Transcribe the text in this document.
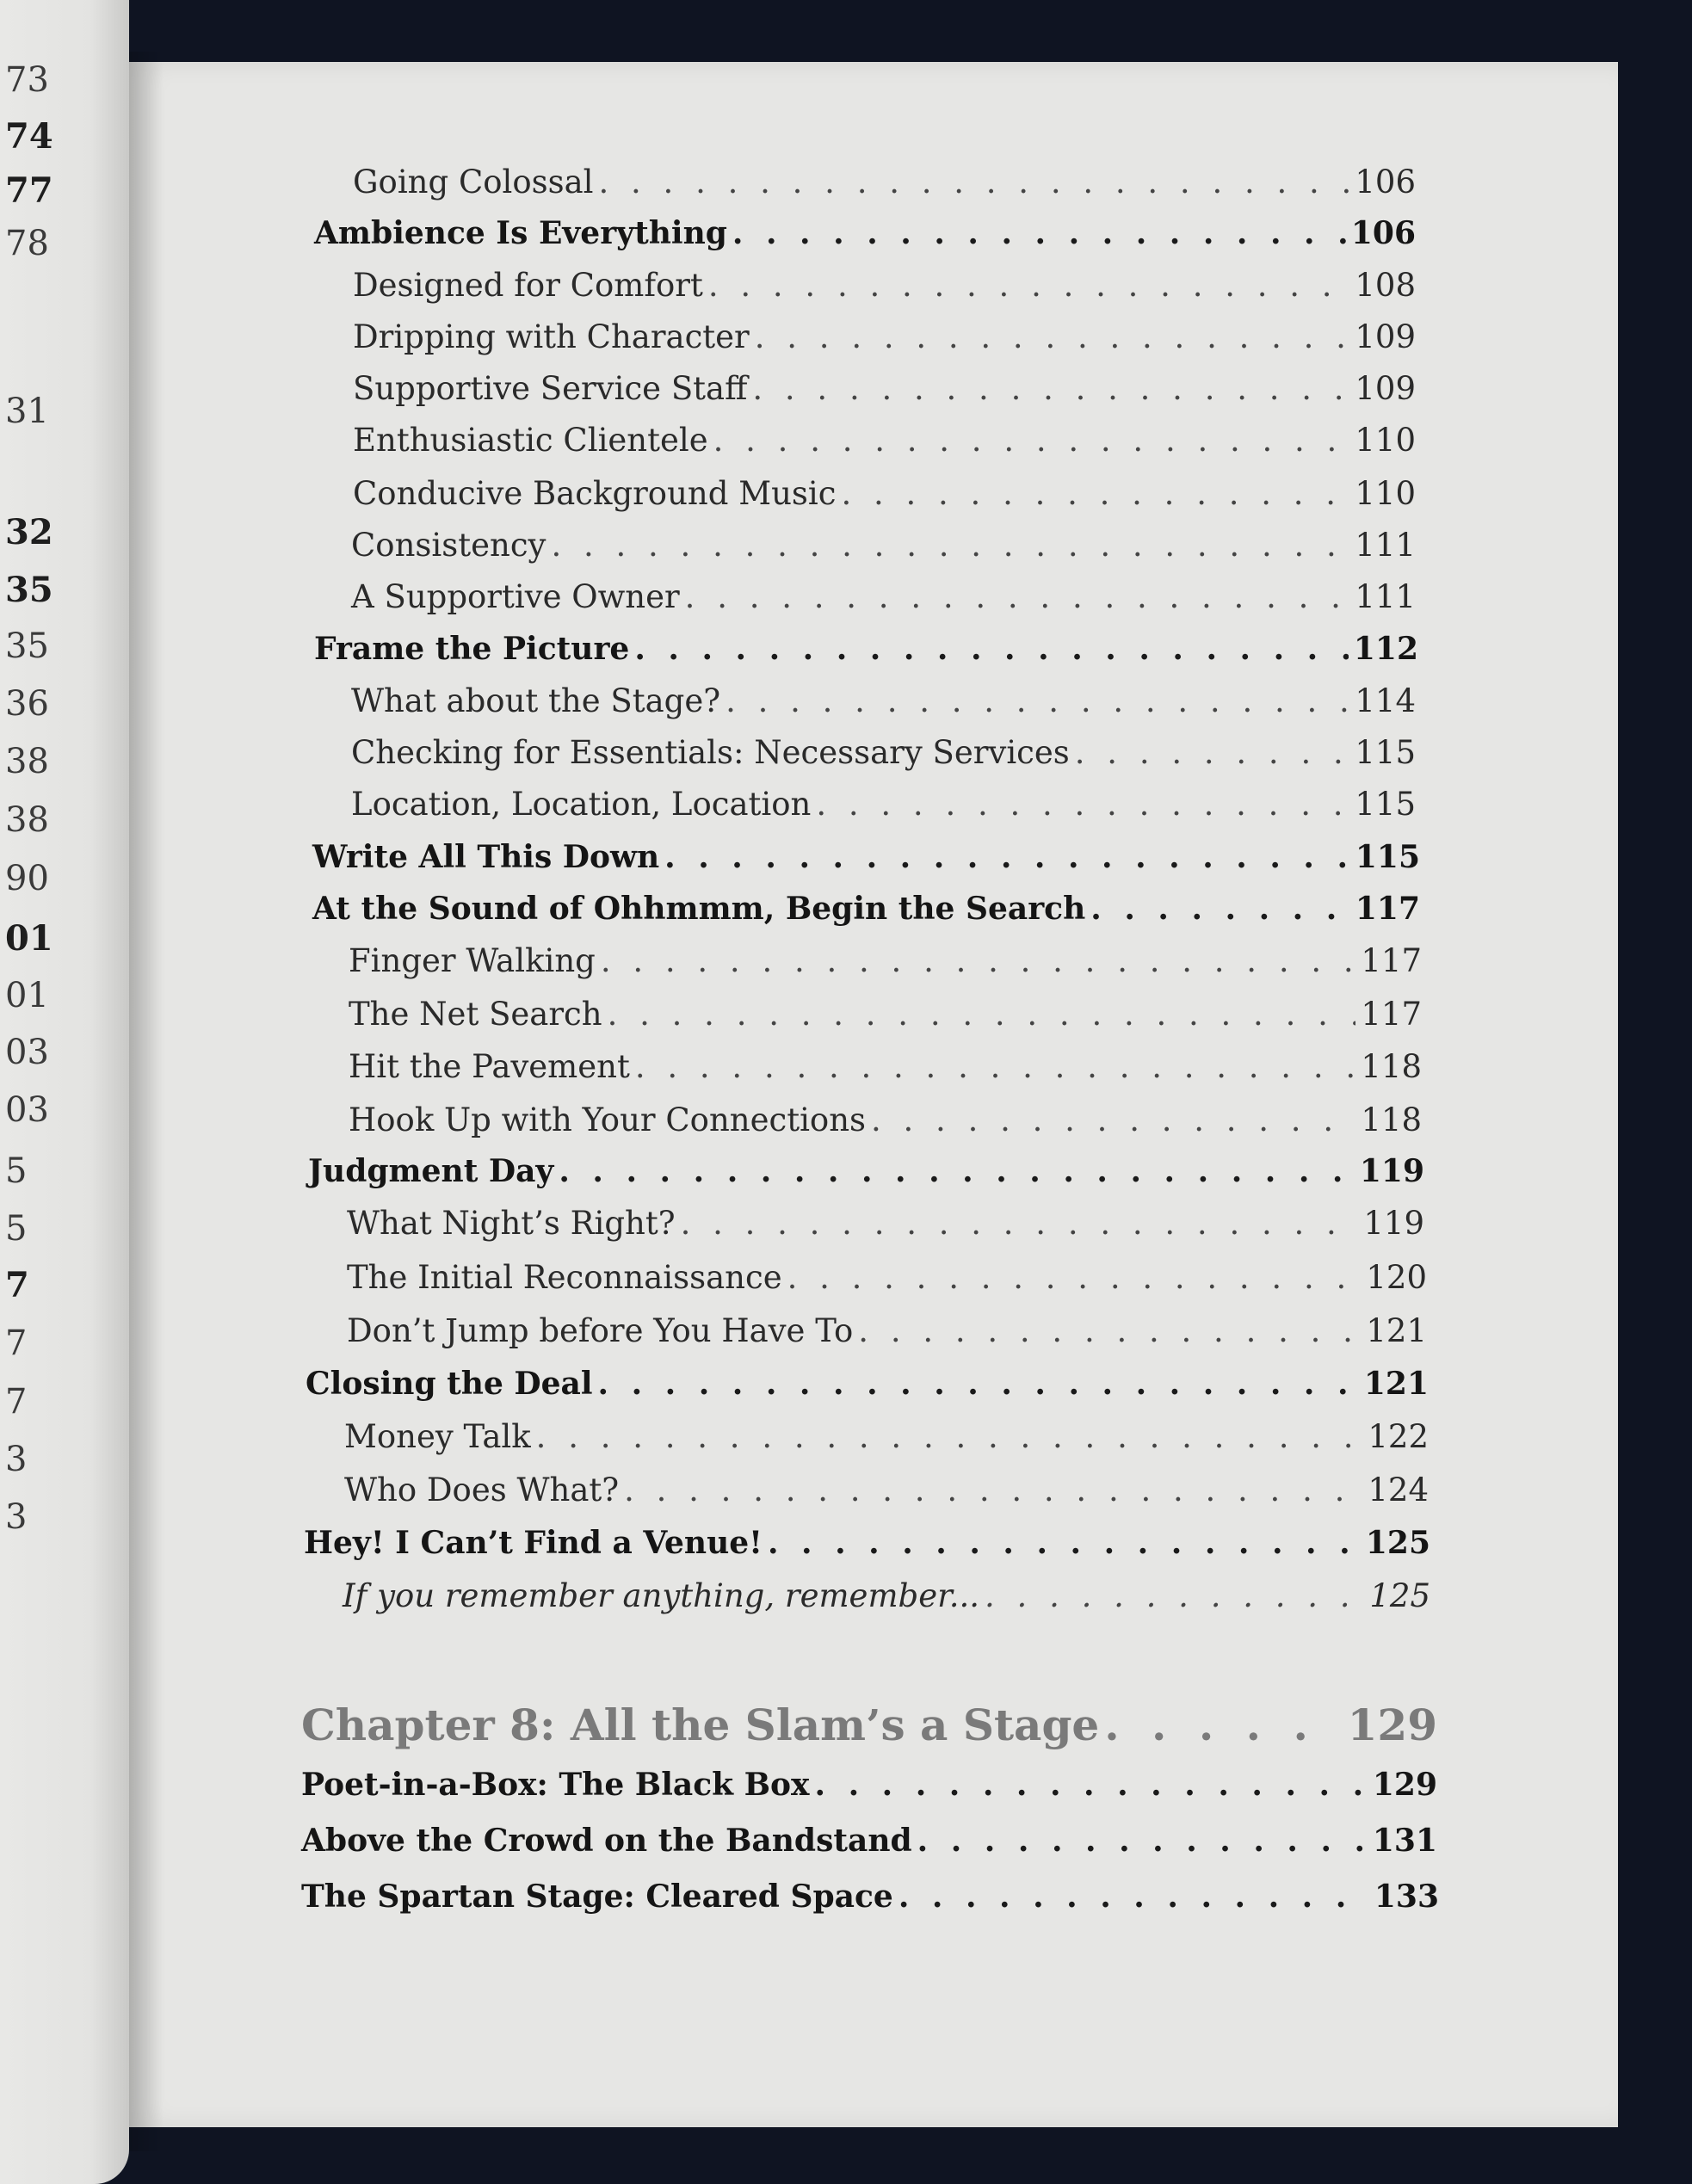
73
74
77
78
31
32
35
35
36
38
38
90
01
01
03
03
5
5
7
7
7
3
3
Going Colossal . . .	106
Ambience Is Everything . . .	106
Designed for Comfort . . .	108
Dripping with Character . . .	109
Supportive Service Staff . . .	109
Enthusiastic Clientele . . .	110
Conducive Background Music . . .	110
Consistency . . .	111
A Supportive Owner . . .	111
Frame the Picture . . .	112
What about the Stage? . . .	114
Checking for Essentials: Necessary Services . . .	115
Location, Location, Location . . .	115
Write All This Down . . .	115
At the Sound of Ohhmmm, Begin the Search . . .	117
Finger Walking . . .	117
The Net Search . . .	117
Hit the Pavement . . .	118
Hook Up with Your Connections . . .	118
Judgment Day . . .	119
What Night’s Right? . . .	119
The Initial Reconnaissance . . .	120
Don’t Jump before You Have To . . .	121
Closing the Deal . . .	121
Money Talk . . .	122
Who Does What? . . .	124
Hey! I Can’t Find a Venue! . . .	125
If you remember anything, remember... . . .	125
Chapter 8: All the Slam’s a Stage . . .	129
Poet-in-a-Box: The Black Box . . .	129
Above the Crowd on the Bandstand . . .	131
The Spartan Stage: Cleared Space . . .	133
